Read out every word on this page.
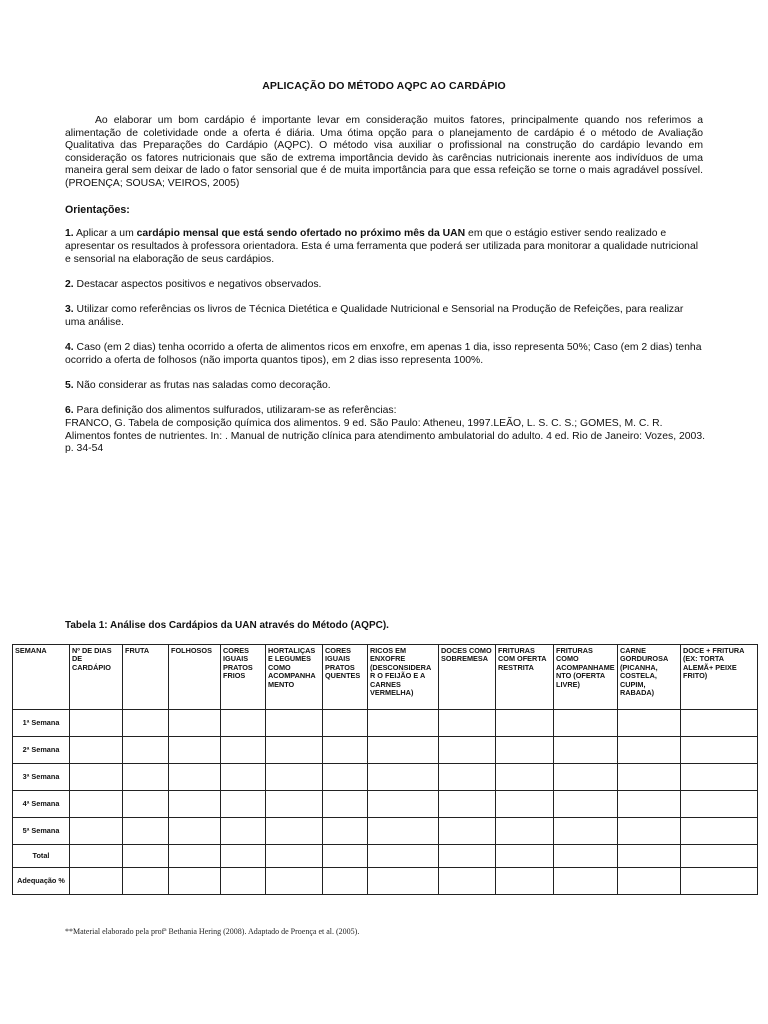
APLICAÇÃO DO MÉTODO AQPC AO CARDÁPIO

Ao elaborar um bom cardápio é importante levar em consideração muitos fatores, principalmente quando nos referimos a alimentação de coletividade onde a oferta é diária. Uma ótima opção para o planejamento de cardápio é o método de Avaliação Qualitativa das Preparações do Cardápio (AQPC). O método visa auxiliar o profissional na construção do cardápio levando em consideração os fatores nutricionais que são de extrema importância devido às carências nutricionais inerente aos indivíduos de uma maneira geral sem deixar de lado o fator sensorial que é de muita importância para que essa refeição se torne o mais agradável possível. (PROENÇA; SOUSA; VEIROS, 2005)

Orientações:

1. Aplicar a um cardápio mensal que está sendo ofertado no próximo mês da UAN em que o estágio estiver sendo realizado e apresentar os resultados à professora orientadora. Esta é uma ferramenta que poderá ser utilizada para monitorar a qualidade nutricional e sensorial na elaboração de seus cardápios.

2. Destacar aspectos positivos e negativos observados.

3. Utilizar como referências os livros de Técnica Dietética e Qualidade Nutricional e Sensorial na Produção de Refeições, para realizar uma análise.

4. Caso (em 2 dias) tenha ocorrido a oferta de alimentos ricos em enxofre, em apenas 1 dia, isso representa 50%; Caso (em 2 dias) tenha ocorrido a oferta de folhosos (não importa quantos tipos), em 2 dias isso representa 100%.

5. Não considerar as frutas nas saladas como decoração.

6. Para definição dos alimentos sulfurados, utilizaram-se as referências:
FRANCO, G. Tabela de composição química dos alimentos. 9 ed. São Paulo: Atheneu, 1997.LEÃO, L. S. C. S.; GOMES, M. C. R. Alimentos fontes de nutrientes. In: . Manual de nutrição clínica para atendimento ambulatorial do adulto. 4 ed. Rio de Janeiro: Vozes, 2003. p. 34-54

Tabela 1: Análise dos Cardápios da UAN através do Método (AQPC).
SEMANA	Nº DE DIAS DE CARDÁPIO	FRUTA	FOLHOSOS	CORES IGUAIS PRATOS FRIOS	HORTALIÇAS E LEGUMES COMO ACOMPANHAMENTO	CORES IGUAIS PRATOS QUENTES	RICOS EM ENXOFRE (DESCONSIDERAR O FEIJÃO E A CARNES VERMELHA)	DOCES COMO SOBREMESA	FRITURAS COM OFERTA RESTRITA	FRITURAS COMO ACOMPANHAMENTO (OFERTA LIVRE)	CARNE GORDUROSA (PICANHA, COSTELA, CUPIM, RABADA)	DOCE + FRITURA (EX: TORTA ALEMÃ+ PEIXE FRITO)
1ª Semana												
2ª Semana												
3ª Semana												
4ª Semana												
5ª Semana												
Total												
Adequação %												
**Material elaborado pela profª Bethania Hering (2008). Adaptado de Proença et al. (2005).
